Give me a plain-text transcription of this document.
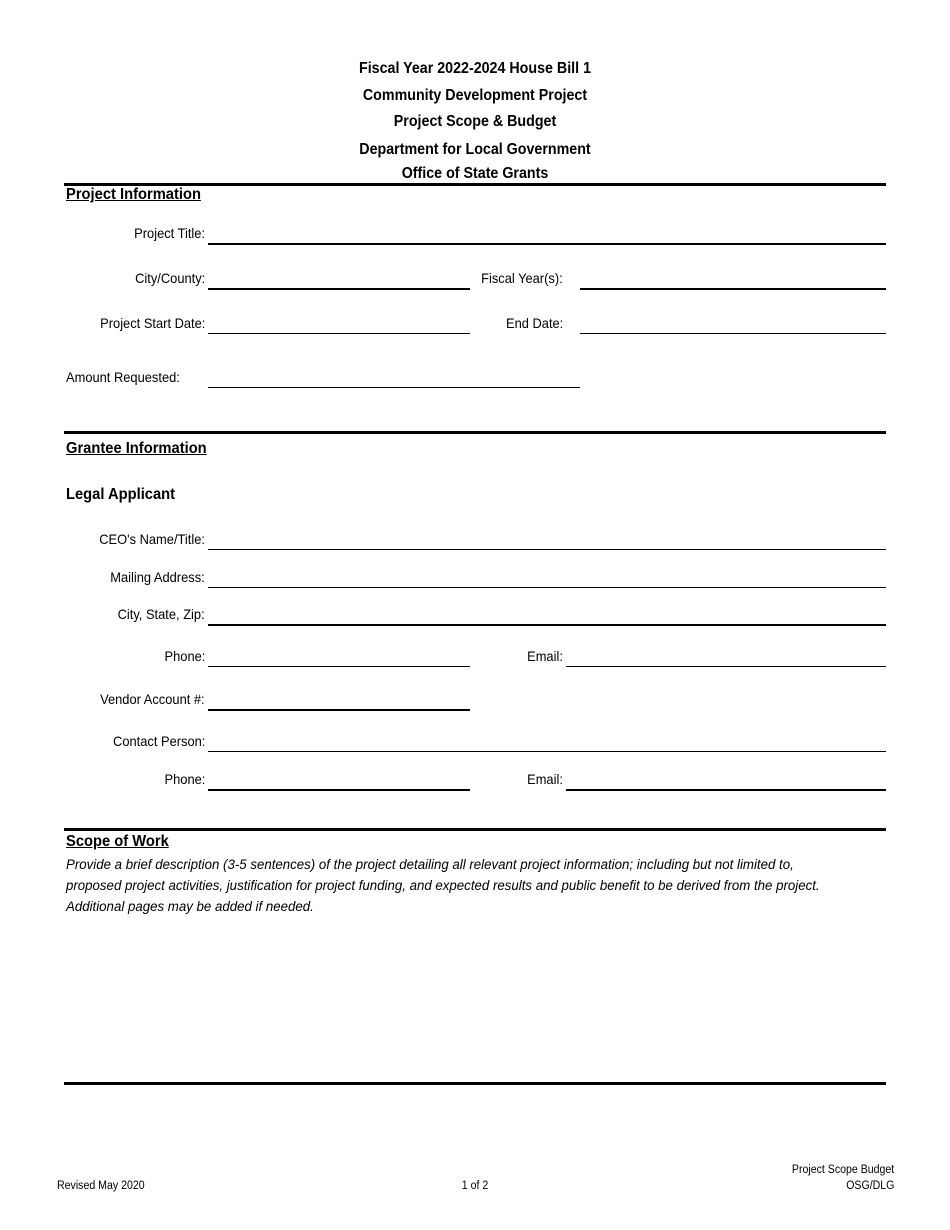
Fiscal Year 2022-2024 House Bill 1
Community Development Project
Project Scope & Budget
Department for Local Government
Office of State Grants
Project Information
Project Title:
City/County:	Fiscal Year(s):
Project Start Date:	End Date:
Amount Requested:
Grantee Information
Legal Applicant
CEO's Name/Title:
Mailing Address:
City, State, Zip:
Phone:	Email:
Vendor Account #:
Contact Person:
Phone:	Email:
Scope of Work
Provide a brief description (3-5 sentences) of the project detailing all relevant project information; including but not limited to, proposed project activities, justification for project funding, and expected results and public benefit to be derived from the project. Additional pages may be added if needed.
Revised May 2020	1 of 2
Project Scope Budget
OSG/DLG
